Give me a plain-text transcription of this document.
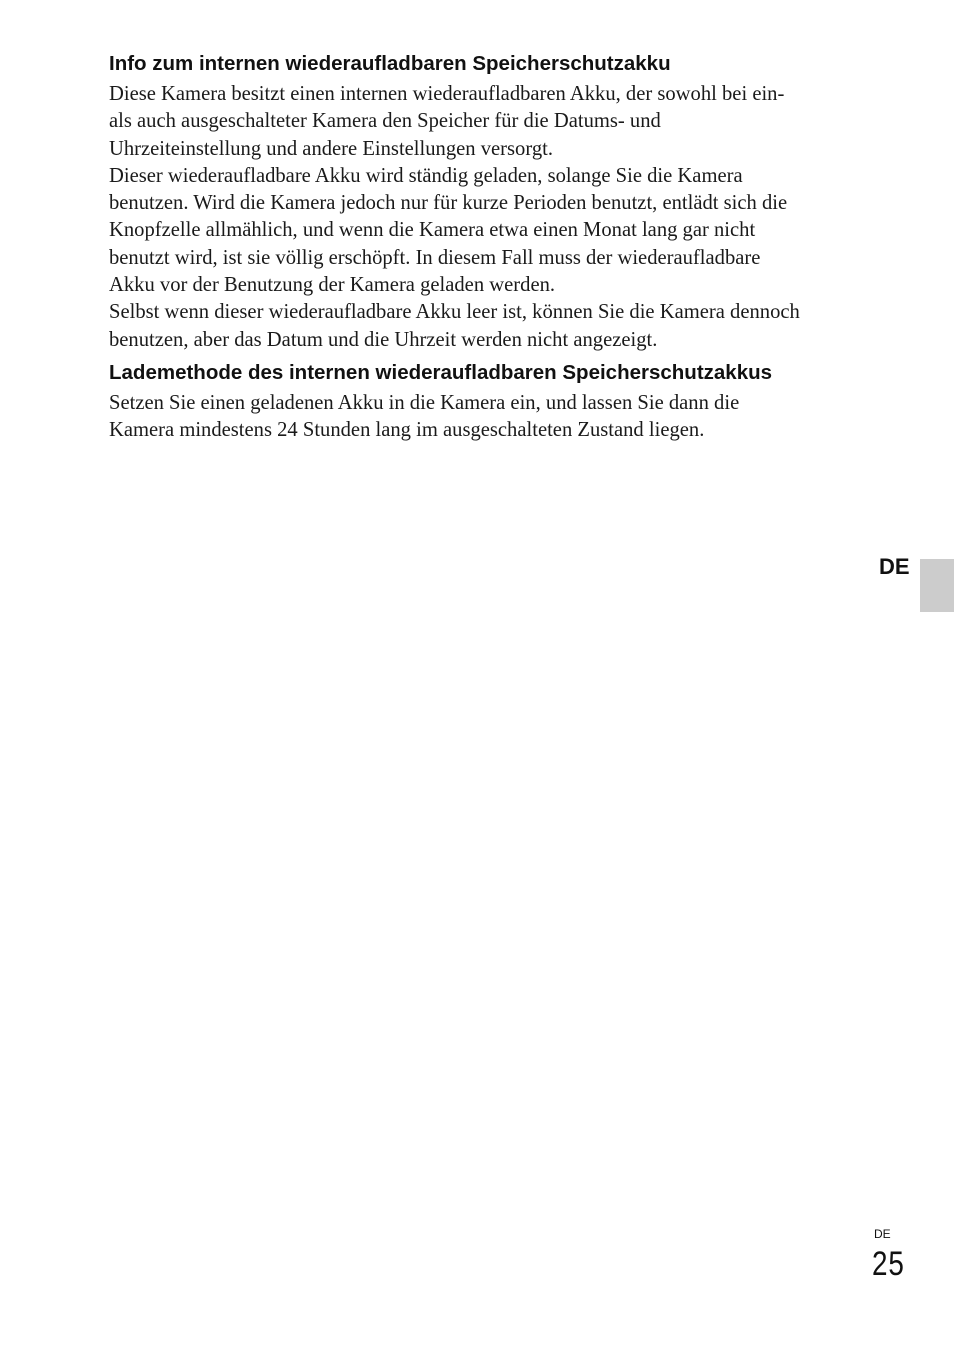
Info zum internen wiederaufladbaren Speicherschutzakku

Diese Kamera besitzt einen internen wiederaufladbaren Akku, der sowohl bei ein-
als auch ausgeschalteter Kamera den Speicher für die Datums- und
Uhrzeiteinstellung und andere Einstellungen versorgt.

Dieser wiederaufladbare Akku wird ständig geladen, solange Sie die Kamera
benutzen. Wird die Kamera jedoch nur für kurze Perioden benutzt, entlädt sich die
Knopfzelle allmählich, und wenn die Kamera etwa einen Monat lang gar nicht
benutzt wird, ist sie völlig erschöpft. In diesem Fall muss der wiederaufladbare
Akku vor der Benutzung der Kamera geladen werden.

Selbst wenn dieser wiederaufladbare Akku leer ist, können Sie die Kamera dennoch
benutzen, aber das Datum und die Uhrzeit werden nicht angezeigt.

Lademethode des internen wiederaufladbaren Speicherschutzakkus

Setzen Sie einen geladenen Akku in die Kamera ein, und lassen Sie dann die
Kamera mindestens 24 Stunden lang im ausgeschalteten Zustand liegen.

DE
DE
25
